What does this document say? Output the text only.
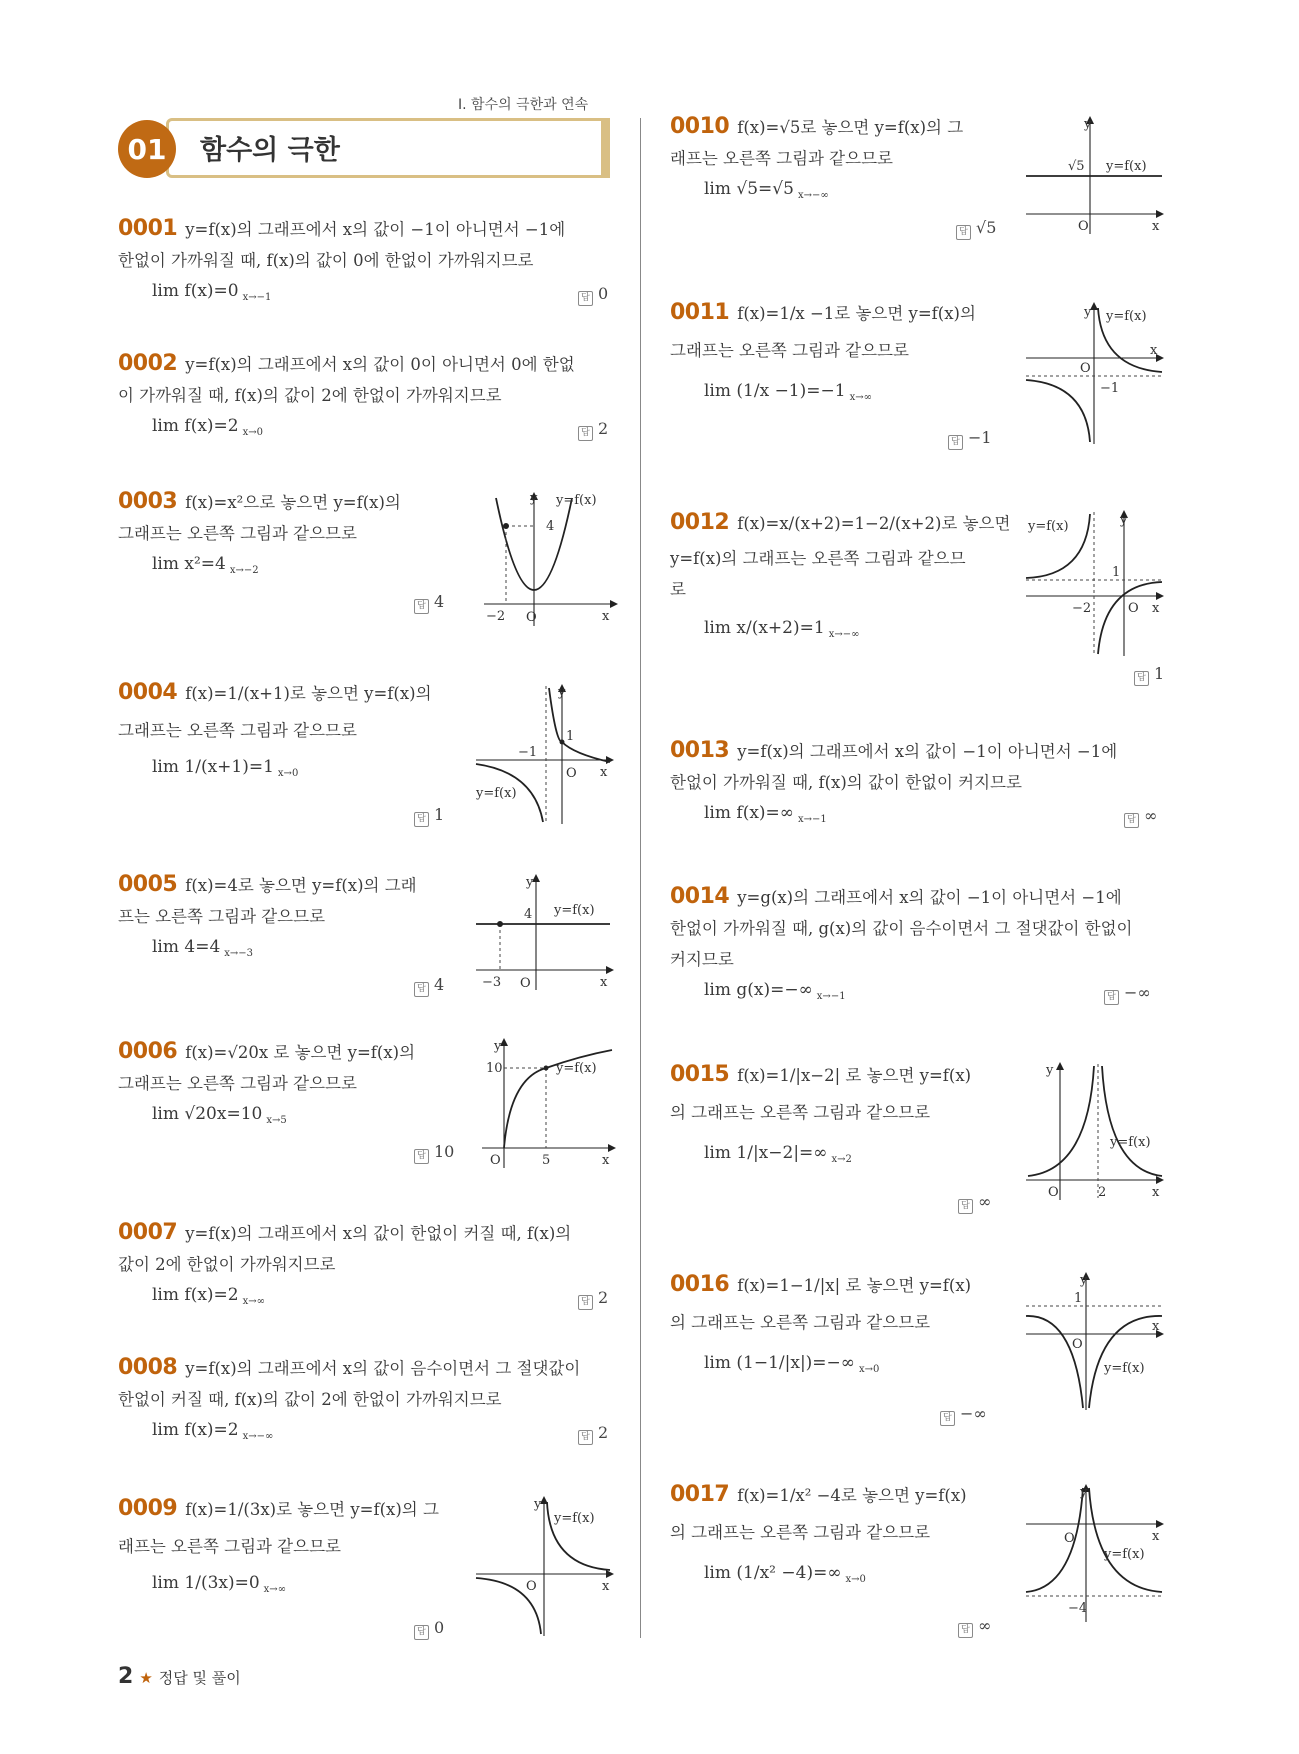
I. 함수의 극한과 연속
01	함수의 극한
0001 y=f(x)의 그래프에서 x의 값이 −1이 아니면서 −1에
한없이 가까워질 때, f(x)의 값이 0에 한없이 가까워지므로
lim f(x)=0 $_{x\to-1}$	답 0
0002 y=f(x)의 그래프에서 x의 값이 0이 아니면서 0에 한없
이 가까워질 때, f(x)의 값이 2에 한없이 가까워지므로
lim f(x)=2 $_{x\to 0}$	답 2
0003 f(x)=x²으로 놓으면 y=f(x)의
그래프는 오른쪽 그림과 같으므로
lim x²=4 $_{x\to-2}$
답 4
y y=f(x)
4
−2 O	x
0004 f(x)=1/(x+1)로 놓으면 y=f(x)의
그래프는 오른쪽 그림과 같으므로
lim 1/(x+1)=1 $_{x\to 0}$
답 1
y
1
−1
O x
y=f(x)
0005 f(x)=4로 놓으면 y=f(x)의 그래
프는 오른쪽 그림과 같으므로
lim 4=4 $_{x\to-3}$
답 4
y
y=f(x)
4
−3 O	x
0006 f(x)=√20x 로 놓으면 y=f(x)의
그래프는 오른쪽 그림과 같으므로
lim √20x=10 $_{x\to 5}$
답 10
y
y=f(x)
10
5
O	x
0007 y=f(x)의 그래프에서 x의 값이 한없이 커질 때, f(x)의
값이 2에 한없이 가까워지므로
lim f(x)=2 $_{x\to\infty}$	답 2
0008 y=f(x)의 그래프에서 x의 값이 음수이면서 그 절댓값이
한없이 커질 때, f(x)의 값이 2에 한없이 가까워지므로
lim f(x)=2 $_{x\to-\infty}$	답 2
0009 f(x)=1/(3x)로 놓으면 y=f(x)의 그
래프는 오른쪽 그림과 같으므로
lim 1/(3x)=0 $_{x\to\infty}$
답 0
y
y=f(x)
O	x
0010 f(x)=√5로 놓으면 y=f(x)의 그
래프는 오른쪽 그림과 같으므로
lim √5=√5 $_{x\to-\infty}$
답 √5
y
√5 y=f(x)
O	x
0011 f(x)=1/x −1로 놓으면 y=f(x)의
그래프는 오른쪽 그림과 같으므로
lim (1/x −1)=−1 $_{x\to\infty}$
답 −1
y y=f(x)
O
x
−1
0012 f(x)=x/(x+2)=1−2/(x+2)로 놓으면
y=f(x)의 그래프는 오른쪽 그림과 같으므
로
lim x/(x+2)=1 $_{x\to-\infty}$
답 1
y
y=f(x)
1
−2	O x
0013 y=f(x)의 그래프에서 x의 값이 −1이 아니면서 −1에
한없이 가까워질 때, f(x)의 값이 한없이 커지므로
lim f(x)=∞ $_{x\to-1}$	답 ∞
0014 y=g(x)의 그래프에서 x의 값이 −1이 아니면서 −1에
한없이 가까워질 때, g(x)의 값이 음수이면서 그 절댓값이 한없이
커지므로
lim g(x)=−∞ $_{x\to-1}$	답 −∞
0015 f(x)=1/|x−2| 로 놓으면 y=f(x)
의 그래프는 오른쪽 그림과 같으므로
lim 1/|x−2|=∞ $_{x\to 2}$
답 ∞
y
y=f(x)
O	2	x
0016 f(x)=1−1/|x| 로 놓으면 y=f(x)
의 그래프는 오른쪽 그림과 같으므로
lim (1−1/|x|)=−∞ $_{x\to 0}$
답 −∞
y
1
O
x
y=f(x)
0017 f(x)=1/x² −4로 놓으면 y=f(x)
의 그래프는 오른쪽 그림과 같으므로
lim (1/x² −4)=∞ $_{x\to 0}$
답 ∞
y
O	x
y=f(x)
−4
2 ★ 정답 및 풀이
